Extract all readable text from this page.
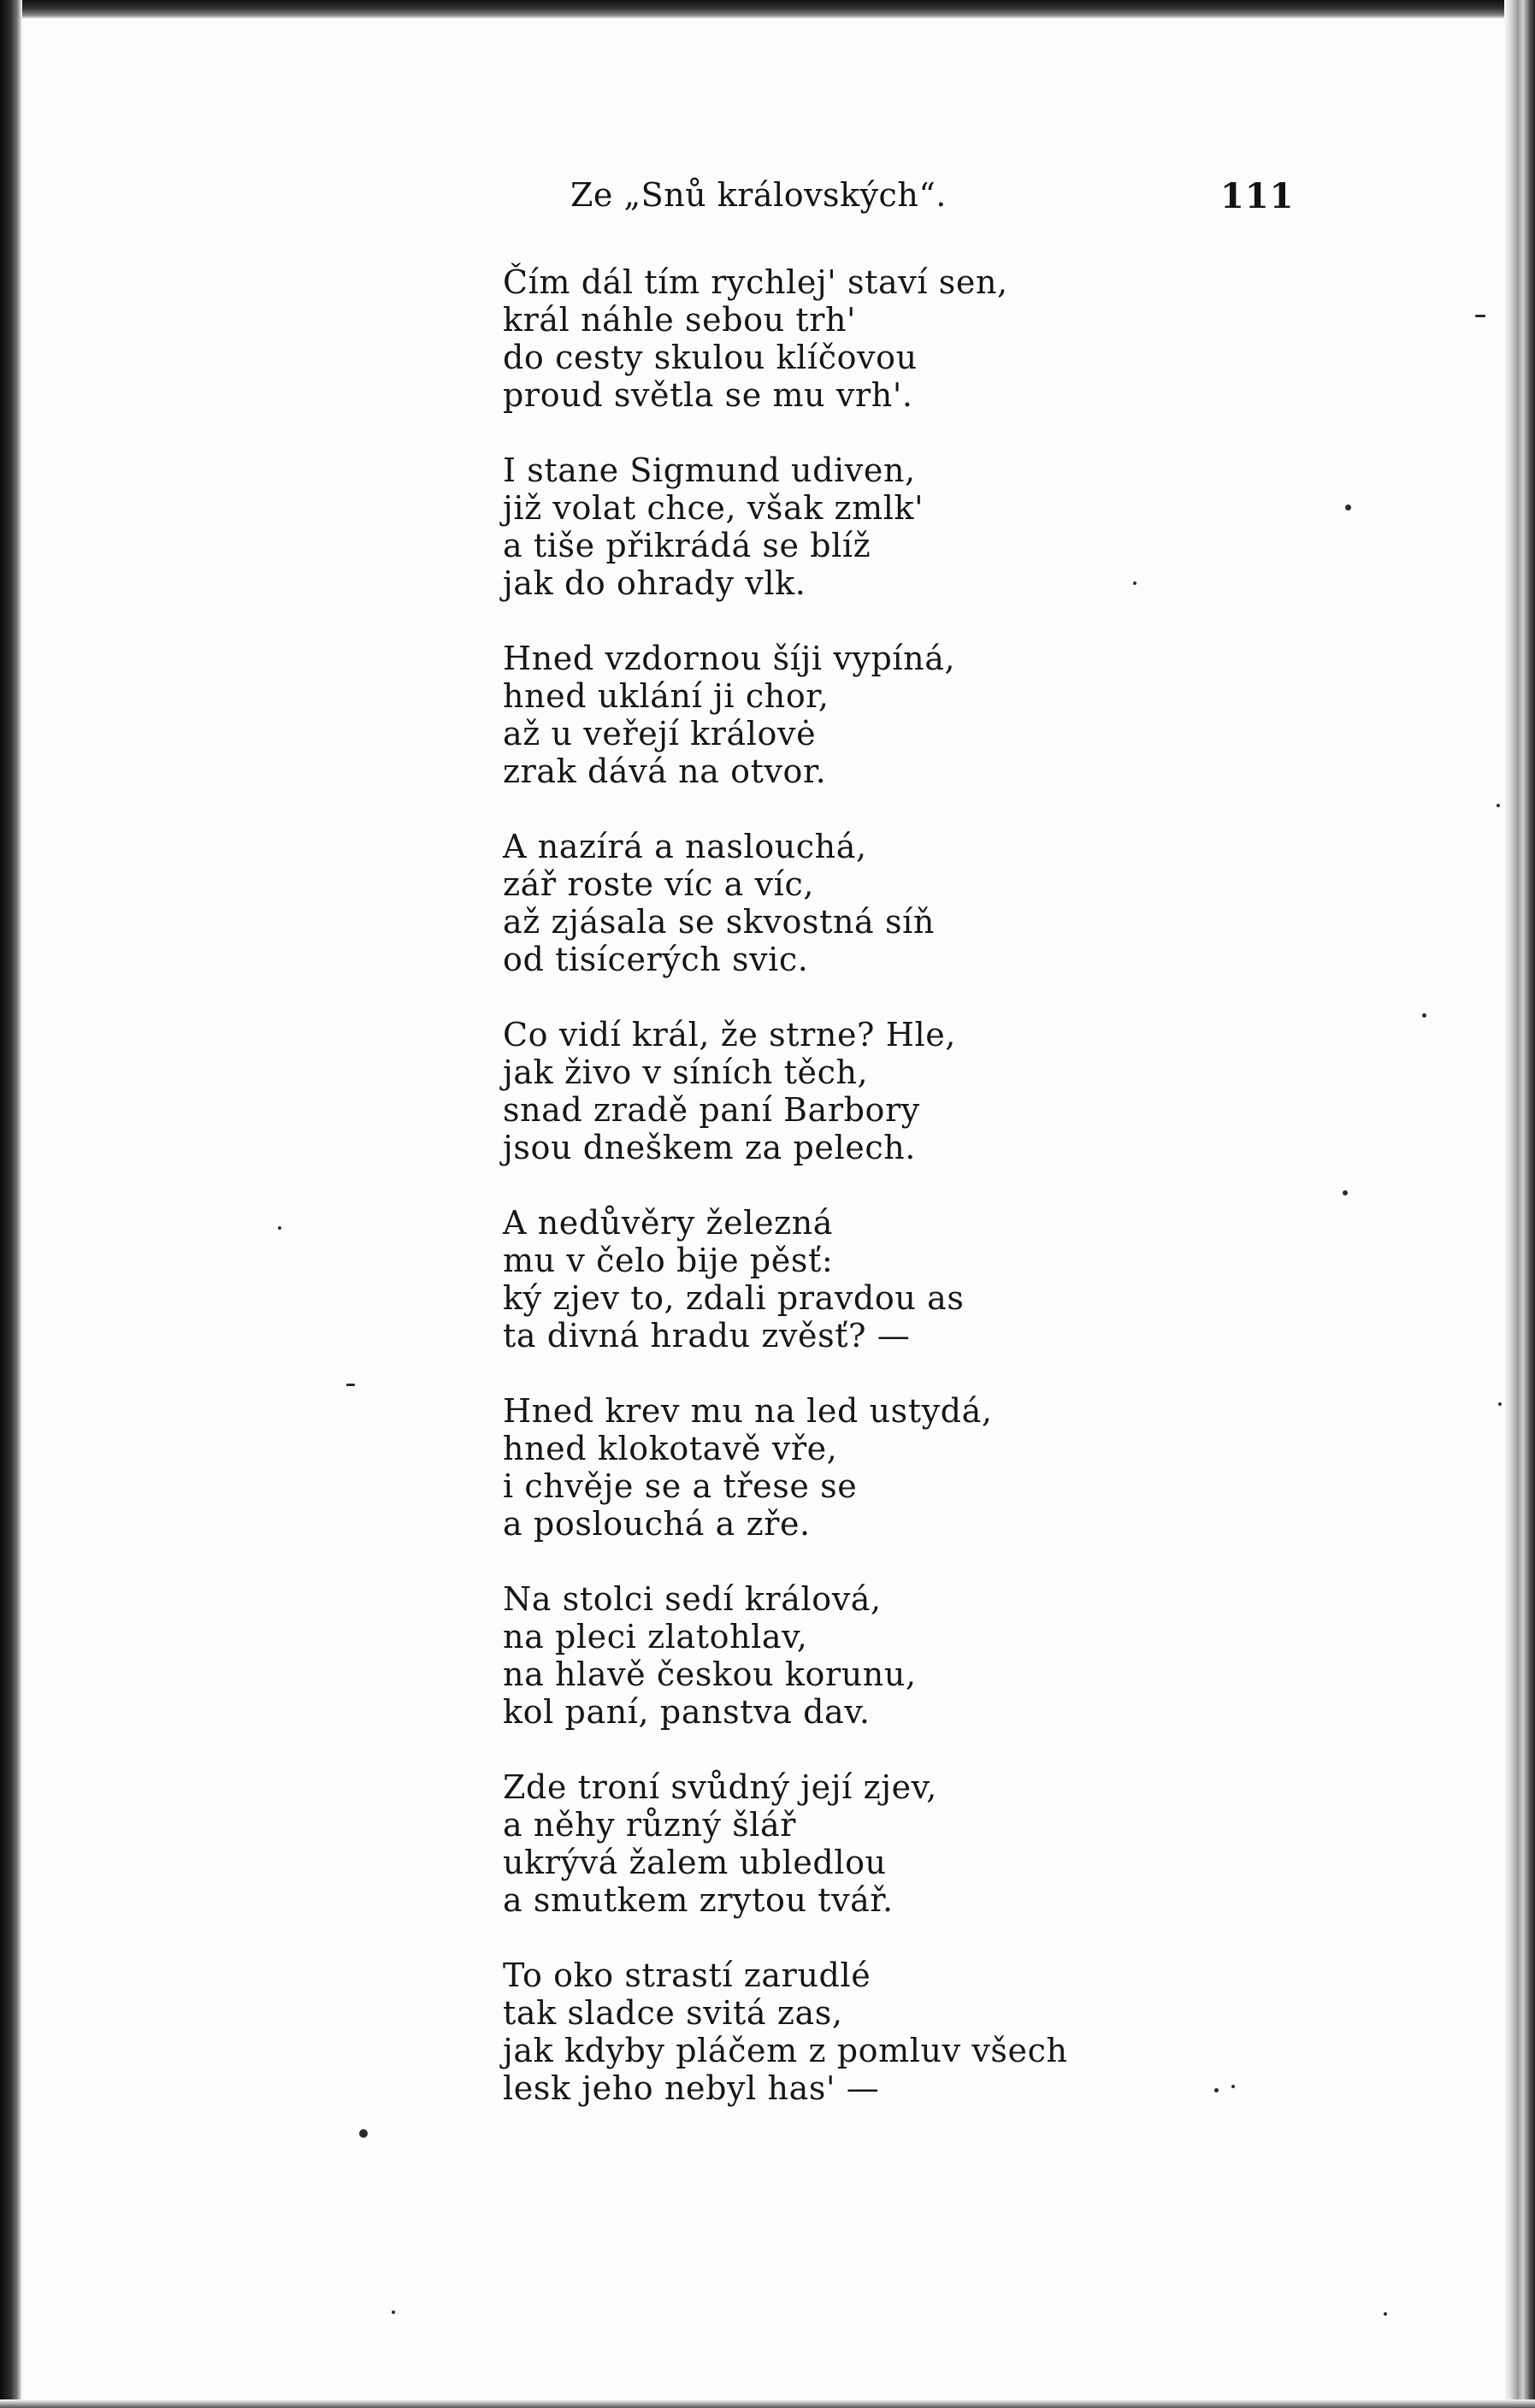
Ze „Snů královských“.	111
Čím dál tím rychlej' staví sen,
král náhle sebou trh'
do cesty skulou klíčovou
proud světla se mu vrh'.
I stane Sigmund udiven,
již volat chce, však zmlk'
a tiše přikrádá se blíž
jak do ohrady vlk.
Hned vzdornou šíji vypíná,
hned uklání ji chor,
až u veřejí královė
zrak dává na otvor.
A nazírá a naslouchá,
zář roste víc a víc,
až zjásala se skvostná síň
od tisícerých svic.
Co vidí král, že strne? Hle,
jak živo v síních těch,
snad zradě paní Barbory
jsou dneškem za pelech.
A nedůvěry železná
mu v čelo bije pěsť:
ký zjev to, zdali pravdou as
ta divná hradu zvěsť? —
Hned krev mu na led ustydá,
hned klokotavě vře,
i chvěje se a třese se
a poslouchá a zře.
Na stolci sedí králová,
na pleci zlatohlav,
na hlavě českou korunu,
kol paní, panstva dav.
Zde troní svůdný její zjev,
a něhy různý šlář
ukrývá žalem ubledlou
a smutkem zrytou tvář.
To oko strastí zarudlé
tak sladce svitá zas,
jak kdyby pláčem z pomluv všech
lesk jeho nebyl has' —
